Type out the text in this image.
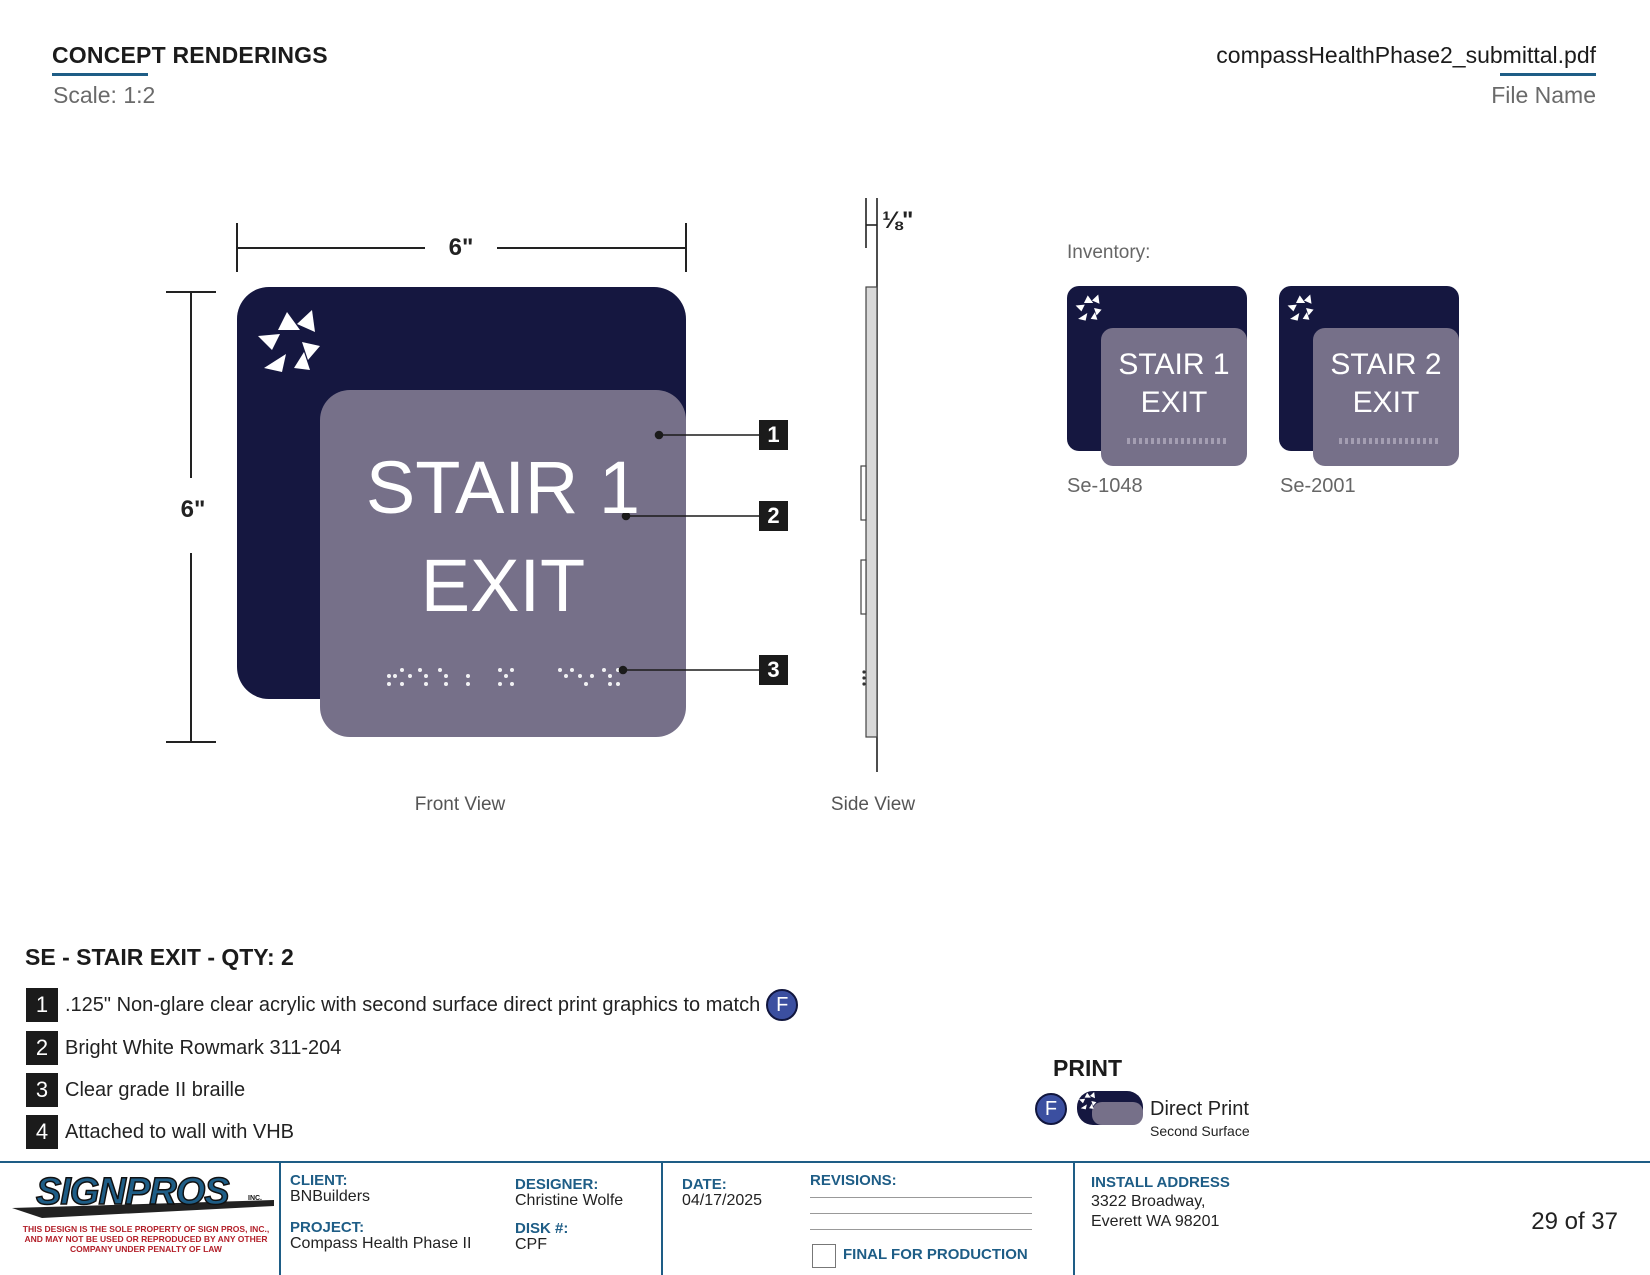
CONCEPT RENDERINGS
Scale: 1:2
compassHealthPhase2_submittal.pdf
File Name
6"
6"
⅛"
STAIR 1
EXIT
1
2
3
Front View	Side View
Inventory:
STAIR 1
EXIT
Se-1048
STAIR 2
EXIT
Se-2001
SE - STAIR EXIT - QTY: 2
1 .125" Non-glare clear acrylic with second surface direct print graphics to match F
2 Bright White Rowmark 311-204
3 Clear grade II braille
4 Attached to wall with VHB
PRINT
F	Direct Print
Second Surface
SIGNPROS	INC.
THIS DESIGN IS THE SOLE PROPERTY OF SIGN PROS, INC., AND MAY NOT BE USED OR REPRODUCED BY ANY OTHER COMPANY UNDER PENALTY OF LAW
CLIENT:
BNBuilders
PROJECT:
Compass Health Phase II
DESIGNER:
Christine Wolfe
DISK #:
CPF
DATE:
04/17/2025
REVISIONS:
FINAL FOR PRODUCTION
INSTALL ADDRESS
3322 Broadway,
Everett WA 98201	29 of 37
